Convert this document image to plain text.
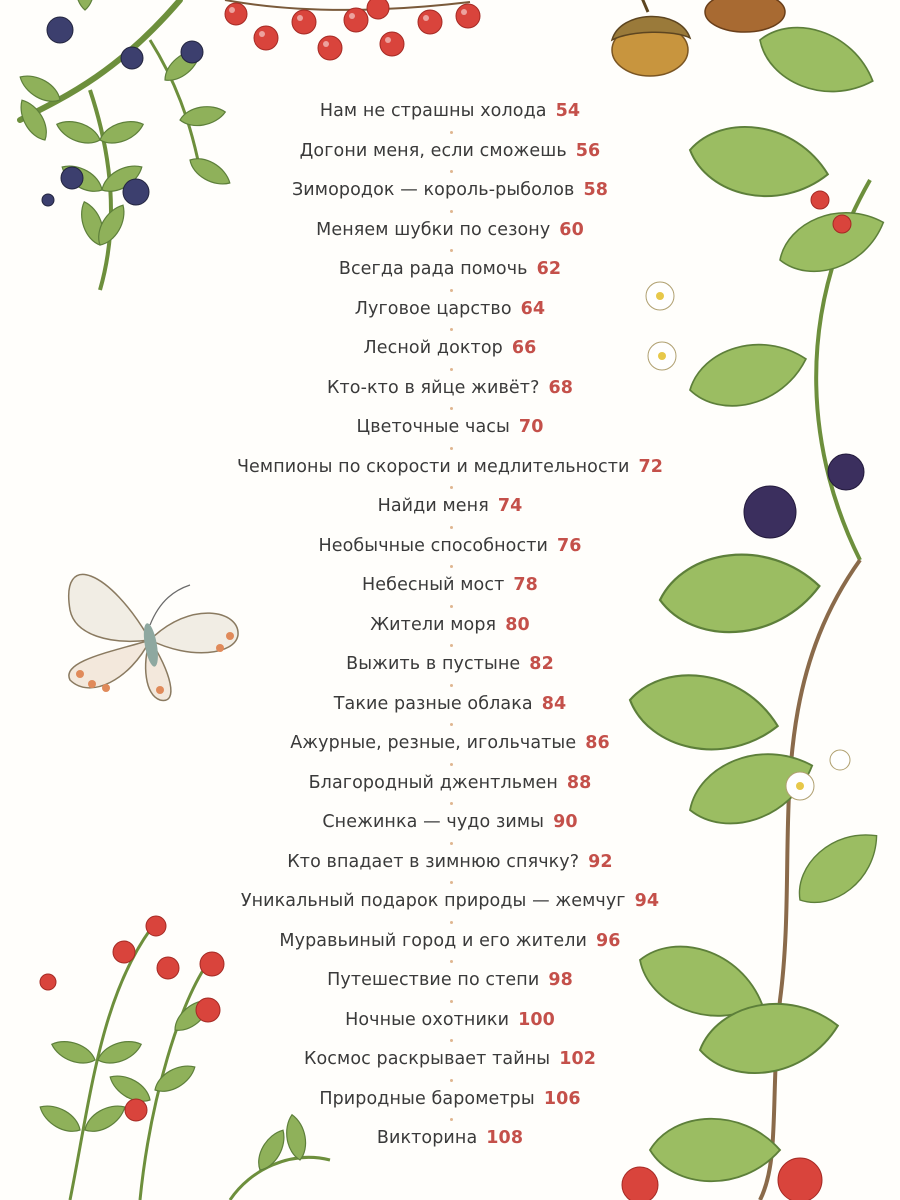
Нам не страшны холода 54
Догони меня, если сможешь 56
Зимородок — король-рыболов 58
Меняем шубки по сезону 60
Всегда рада помочь 62
Луговое царство 64
Лесной доктор 66
Кто-кто в яйце живёт? 68
Цветочные часы 70
Чемпионы по скорости и медлительности 72
Найди меня 74
Необычные способности 76
Небесный мост 78
Жители моря 80
Выжить в пустыне 82
Такие разные облака 84
Ажурные, резные, игольчатые 86
Благородный джентльмен 88
Снежинка — чудо зимы 90
Кто впадает в зимнюю спячку? 92
Уникальный подарок природы — жемчуг 94
Муравьиный город и его жители 96
Путешествие по степи 98
Ночные охотники 100
Космос раскрывает тайны 102
Природные барометры 106
Викторина 108
